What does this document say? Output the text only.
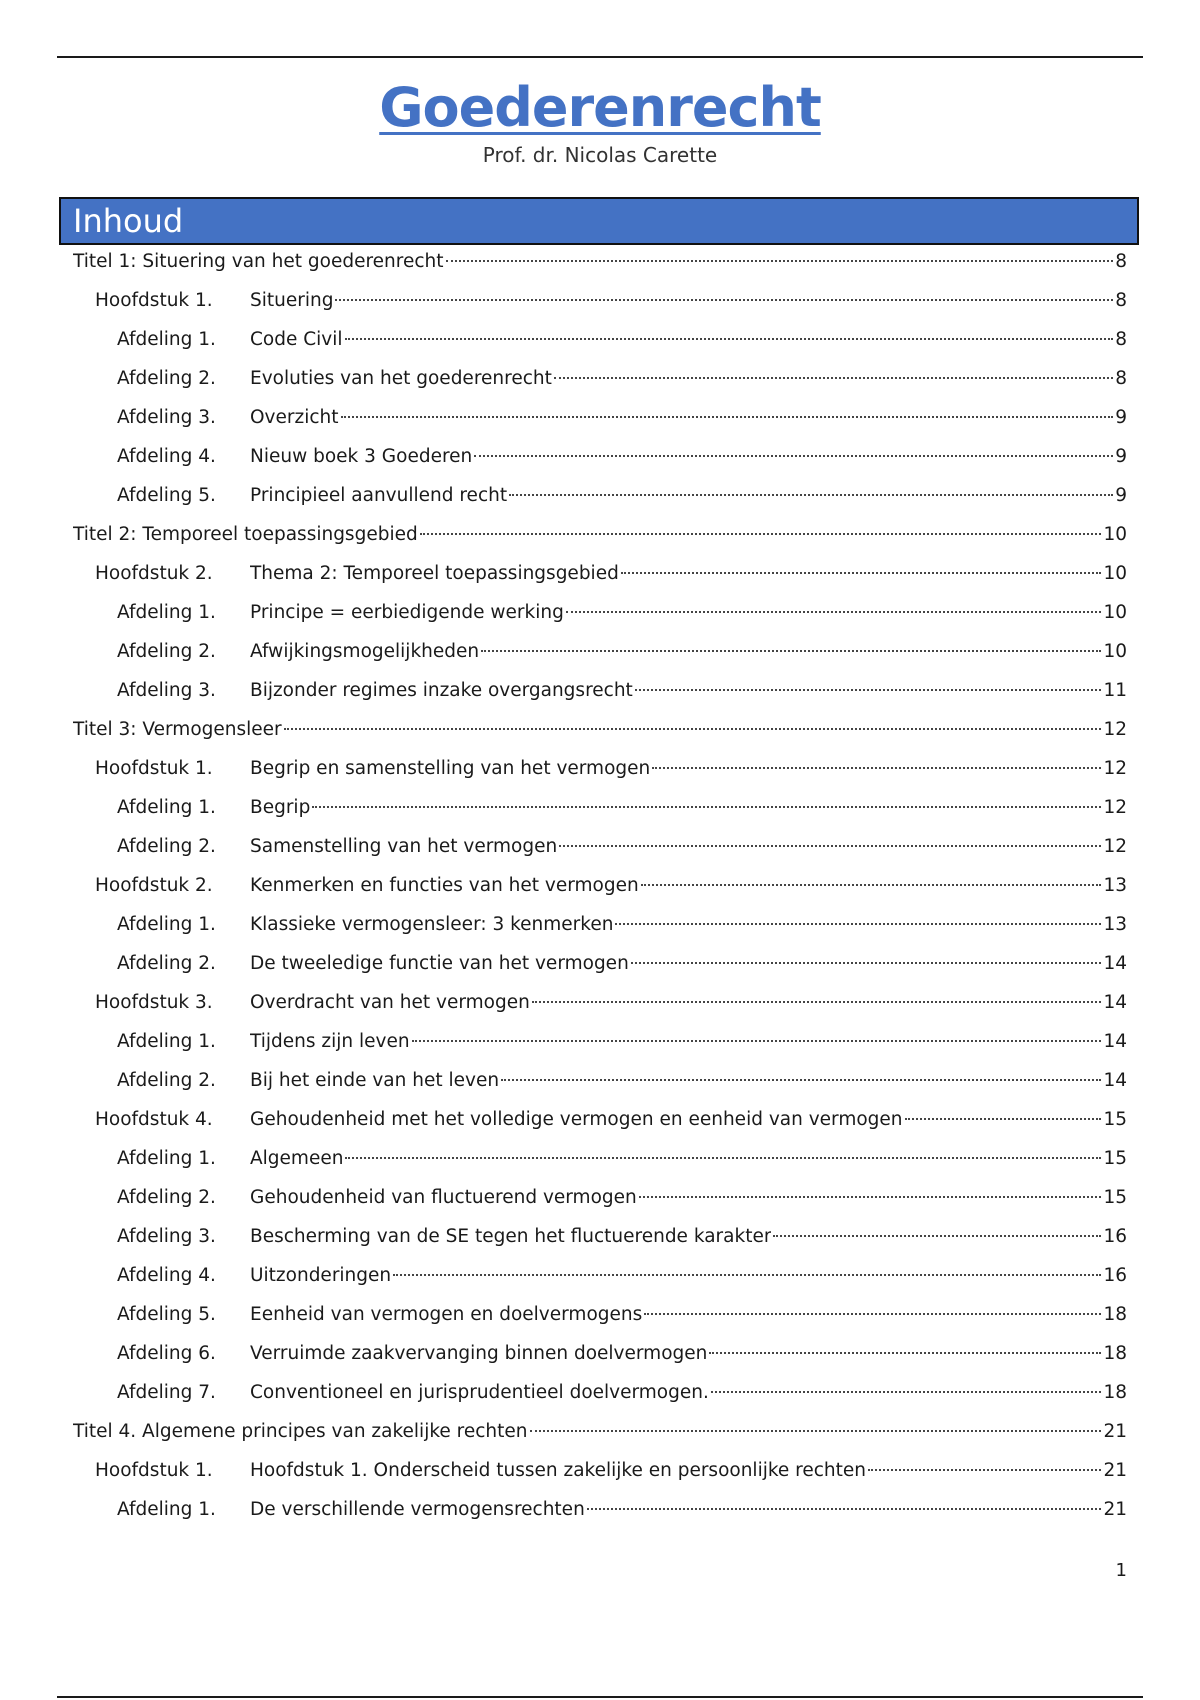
Goederenrecht
Prof. dr. Nicolas Carette
Inhoud
Titel 1: Situering van het goederenrecht	8
Hoofdstuk 1.	Situering	8
Afdeling 1.	Code Civil	8
Afdeling 2.	Evoluties van het goederenrecht	8
Afdeling 3.	Overzicht	9
Afdeling 4.	Nieuw boek 3 Goederen	9
Afdeling 5.	Principieel aanvullend recht	9
Titel 2: Temporeel toepassingsgebied	10
Hoofdstuk 2.	Thema 2: Temporeel toepassingsgebied	10
Afdeling 1.	Principe = eerbiedigende werking	10
Afdeling 2.	Afwijkingsmogelijkheden	10
Afdeling 3.	Bijzonder regimes inzake overgangsrecht	11
Titel 3: Vermogensleer	12
Hoofdstuk 1.	Begrip en samenstelling van het vermogen	12
Afdeling 1.	Begrip	12
Afdeling 2.	Samenstelling van het vermogen	12
Hoofdstuk 2.	Kenmerken en functies van het vermogen	13
Afdeling 1.	Klassieke vermogensleer: 3 kenmerken	13
Afdeling 2.	De tweeledige functie van het vermogen	14
Hoofdstuk 3.	Overdracht van het vermogen	14
Afdeling 1.	Tijdens zijn leven	14
Afdeling 2.	Bij het einde van het leven	14
Hoofdstuk 4.	Gehoudenheid met het volledige vermogen en eenheid van vermogen	15
Afdeling 1.	Algemeen	15
Afdeling 2.	Gehoudenheid van fluctuerend vermogen	15
Afdeling 3.	Bescherming van de SE tegen het fluctuerende karakter	16
Afdeling 4.	Uitzonderingen	16
Afdeling 5.	Eenheid van vermogen en doelvermogens	18
Afdeling 6.	Verruimde zaakvervanging binnen doelvermogen	18
Afdeling 7.	Conventioneel en jurisprudentieel doelvermogen.	18
Titel 4. Algemene principes van zakelijke rechten	21
Hoofdstuk 1.	Hoofdstuk 1. Onderscheid tussen zakelijke en persoonlijke rechten	21
Afdeling 1.	De verschillende vermogensrechten	21
1
